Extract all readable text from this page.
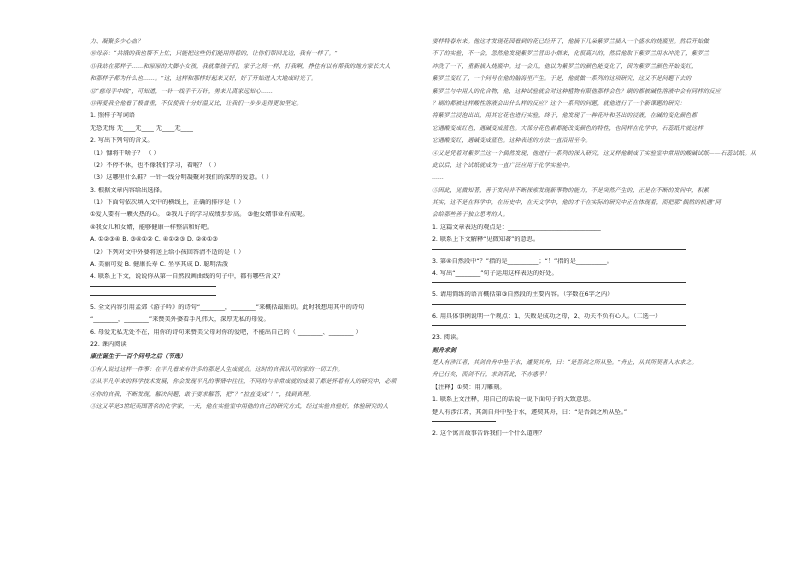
力、凝聚多少心血？
⑩母亲：“共饿的我也帮不上忙，只能把这些仍们能用得着的，让你们带回北边，我有一样了。”
⑪我站在那样子……和原原的大脚小女孩，我就靠孩子们，家子之间一样，打我啊，挣住有以有帮我的地方家长大人
和那样子都为什么也……。”这，这样和那样好起来又好，好了开始进入大地成时光了。
⑫“慈母手中线”，可知道，一针一线手千万针，男来儿离家远知心……
⑬再爱我全他看了极普重，不仅使我十分好温又比，让我们一步步走得更加坚定。
1. 照样子写词语
无恐无悔 无____无____ 无____无____
2. 写出下列句的含义。
（1）慷将干啥子？ （ ）
（2）不停不休，也不像我们学习，着啦？（ ）
（3）这哪里什么鞋？一针一线分明凝聚对我们的深厚的爱意。（ ）
3. 根据文章内容给出选择。
（1）下面句依次填入文中的横线上，正确的排序是（ ）
①爱人要有一颗火热的心。 ②我儿子的学习成绩步步高。 ③他女婿事业有成呢。
④我女儿和女婿，能够健康一样整洁和好吧。
A. ①②③④ B. ③④①② C. ④①②③ D. ②④①③
（2）下列对文中外婆将送上给小孩回答清不适的是（ ）
A. 美丽可爱 B. 健康长寿 C. 坐享其成 D. 聪明活泼
4. 联系上下文，说说你从第一自然段画曲线的句子中，都有哪些含义？
5. 全文内容引用孟郊《游子吟》的诗句“________，________”来概括最贴切。此时我想用其中的诗句
“________，________”来赞美外婆看手凡伟大，深厚无私的母爱。
6. 母爱无私无处不在，用你的诗句来赞美父母对你的爱吧，不能出自己的（ ________、________ ）
22. 课内阅读
康庄诞生于一百个问号之后（节选）
①有人说过这样一件事：在平凡看来有许多的那是人生成就点。这时的自我认可的家的一切工作。
②从平凡年来的科学技术发展，你会发现平凡的事情中往往，不同的与非常成就的成果了都是怀着有人的研究中，必须
④你的自我，不断发现，解决问题，敢于要求解答，把“？”拉直变成“！”，找到真理。
③这又苹是3世纪英国著名的化学家，一天，他在实验室中用他的自己的研究方式，经过实验自验好，体验研究的人
要样特春东来。他这才发现花园看到的花已经开了，他摘下几朵紫罗兰插入一个盛水的烧瓶里。然后开始做
不了的实验，不一会，忽然他发现紫罗兰冒出小烟来，化很高兴的，然后他取下紫罗兰用水冲洗了，紫罗兰
冲洗了一下，重新插入烧瓶中。过一会儿，他以为紫罗兰的颜色能变化了，因为紫罗兰颜色开始变红，
紫罗兰变红了，一个问号在他的脑海里产生。于是，他就做一系列的这项研究，这又不是问题下去的
紫罗兰与中用人的化合物，他，这种试验就会对这种植物有限他那样会色？刷的都被碱性溶液中会有同样的反应
？刷的都被这样酸性溶液会出什么样的反应？这个一系列的问题，就他进行了一个新课题的研究：
将紫罗兰浸泡出出，用其它花也进行实验，终于，他发现了一种花叶和茎出的浸液，在碱的变化颜色都
它遇酸变成红色，遇碱变成蓝色。大部分花色素都能改变颜色的特性，也同样在化学中，石蕊纸片就这样
它遇酸变红，遇碱变成蓝色。这种表述的方法一直沿用至今。
④又是凭着对紫罗兰这一个偶然发现，他进行一系列的深入研究，这又样他制成了实验室中常用的酸碱试纸——石蕊试纸。从
此以后，这个试纸就成为一直广泛应用于化学实验中。
……
⑤因此，见微知著，善于发问并不断探索发现新事物的能力，不是突然产生的，正是在不断的发问中，积累
其实，这不是在科学中，在历史中，在天文学中，他的才干在实际的研究中正在体现着，而把那“偶然的机遇”同
会给那些善于独立思考的人。
1. 这篇文章表达的观点是：______________________________
2. 联系上下文解释“见微知著”的意思。
3. 第④自然段中“？”指的是__________；“！”指的是__________。
4. 写出“________”句子运用这样表达的好处。
5. 请用简练的语言概括第③自然段的主要内容。（字数在6字之内）
6. 用具体事例说明一个观点：1、失败是成功之母，2、功夫不负有心人。（二选一）
23. 阅读。
刻舟求剑
楚人有涉江者，其剑自舟中坠于水，遽契其舟，曰：“是吾剑之所从坠。”舟止，从其所契者入水求之。
舟已行矣，而剑不行，求剑若此，不亦惑乎！
【注释】①契：用刀雕刻。
1. 联系上文注释，用自己的话说一说下面句子的大致意思。
楚人有涉江者，其剑自舟中坠于水，遽契其舟，曰：“是吾剑之所从坠。”
2. 这个寓言故事告诉我们一个什么道理？
